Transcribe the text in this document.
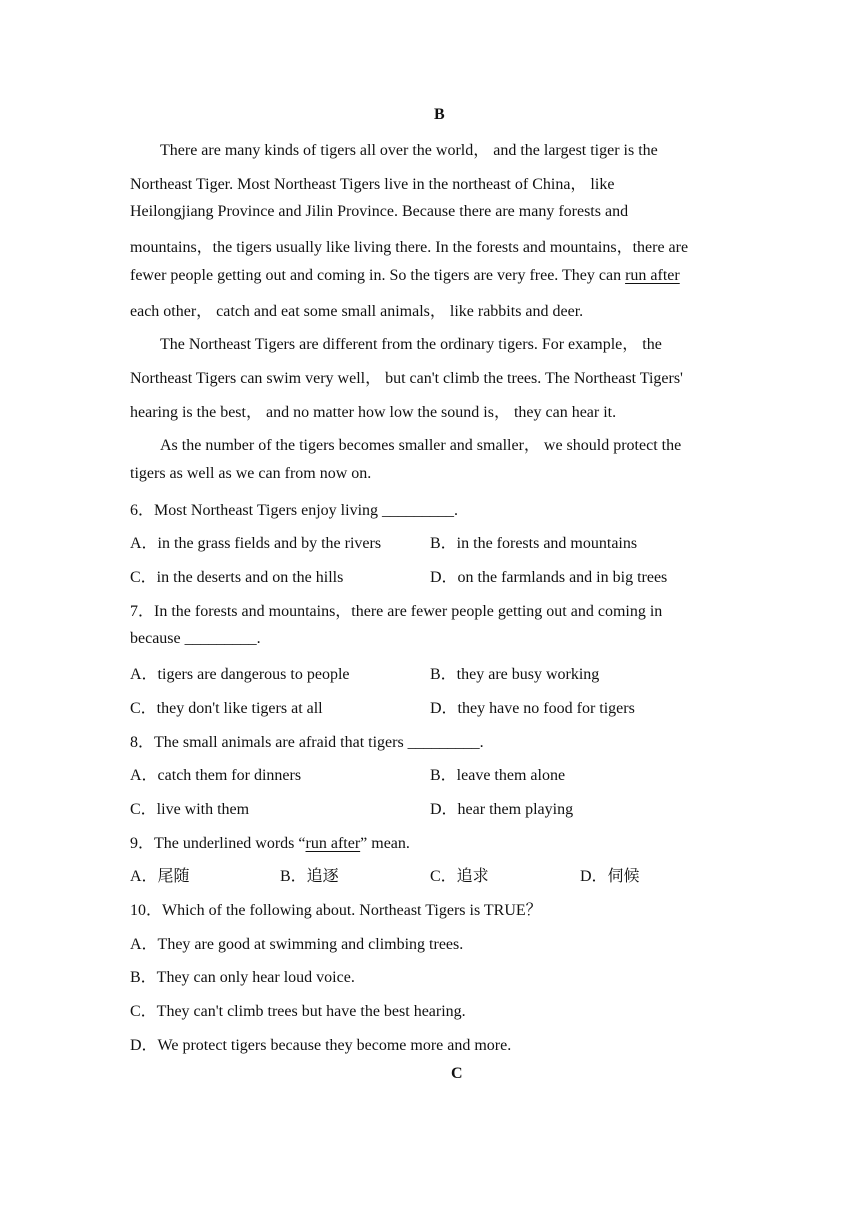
B
There are many kinds of tigers all over the world， and the largest tiger is the
Northeast Tiger. Most Northeast Tigers live in the northeast of China， like
Heilongjiang Province and Jilin Province. Because there are many forests and
mountains，the tigers usually like living there. In the forests and mountains，there are
fewer people getting out and coming in. So the tigers are very free. They can run after
each other， catch and eat some small animals， like rabbits and deer.
The Northeast Tigers are different from the ordinary tigers. For example， the
Northeast Tigers can swim very well， but can't climb the trees. The Northeast Tigers'
hearing is the best， and no matter how low the sound is， they can hear it.
As the number of the tigers becomes smaller and smaller， we should protect the
tigers as well as we can from now on.
6．Most Northeast Tigers enjoy living _________.
A．in the grass fields and by the rivers	B．in the forests and mountains
C．in the deserts and on the hills	D．on the farmlands and in big trees
7．In the forests and mountains，there are fewer people getting out and coming in
because _________.
A．tigers are dangerous to people	B．they are busy working
C．they don't like tigers at all	D．they have no food for tigers
8．The small animals are afraid that tigers _________.
A．catch them for dinners	B．leave them alone
C．live with them	D．hear them playing
9．The underlined words “run after” mean.
A．尾随	B．追逐	C．追求	D．伺候
10．Which of the following about. Northeast Tigers is TRUE？
A．They are good at swimming and climbing trees.
B．They can only hear loud voice.
C．They can't climb trees but have the best hearing.
D．We protect tigers because they become more and more.
C
